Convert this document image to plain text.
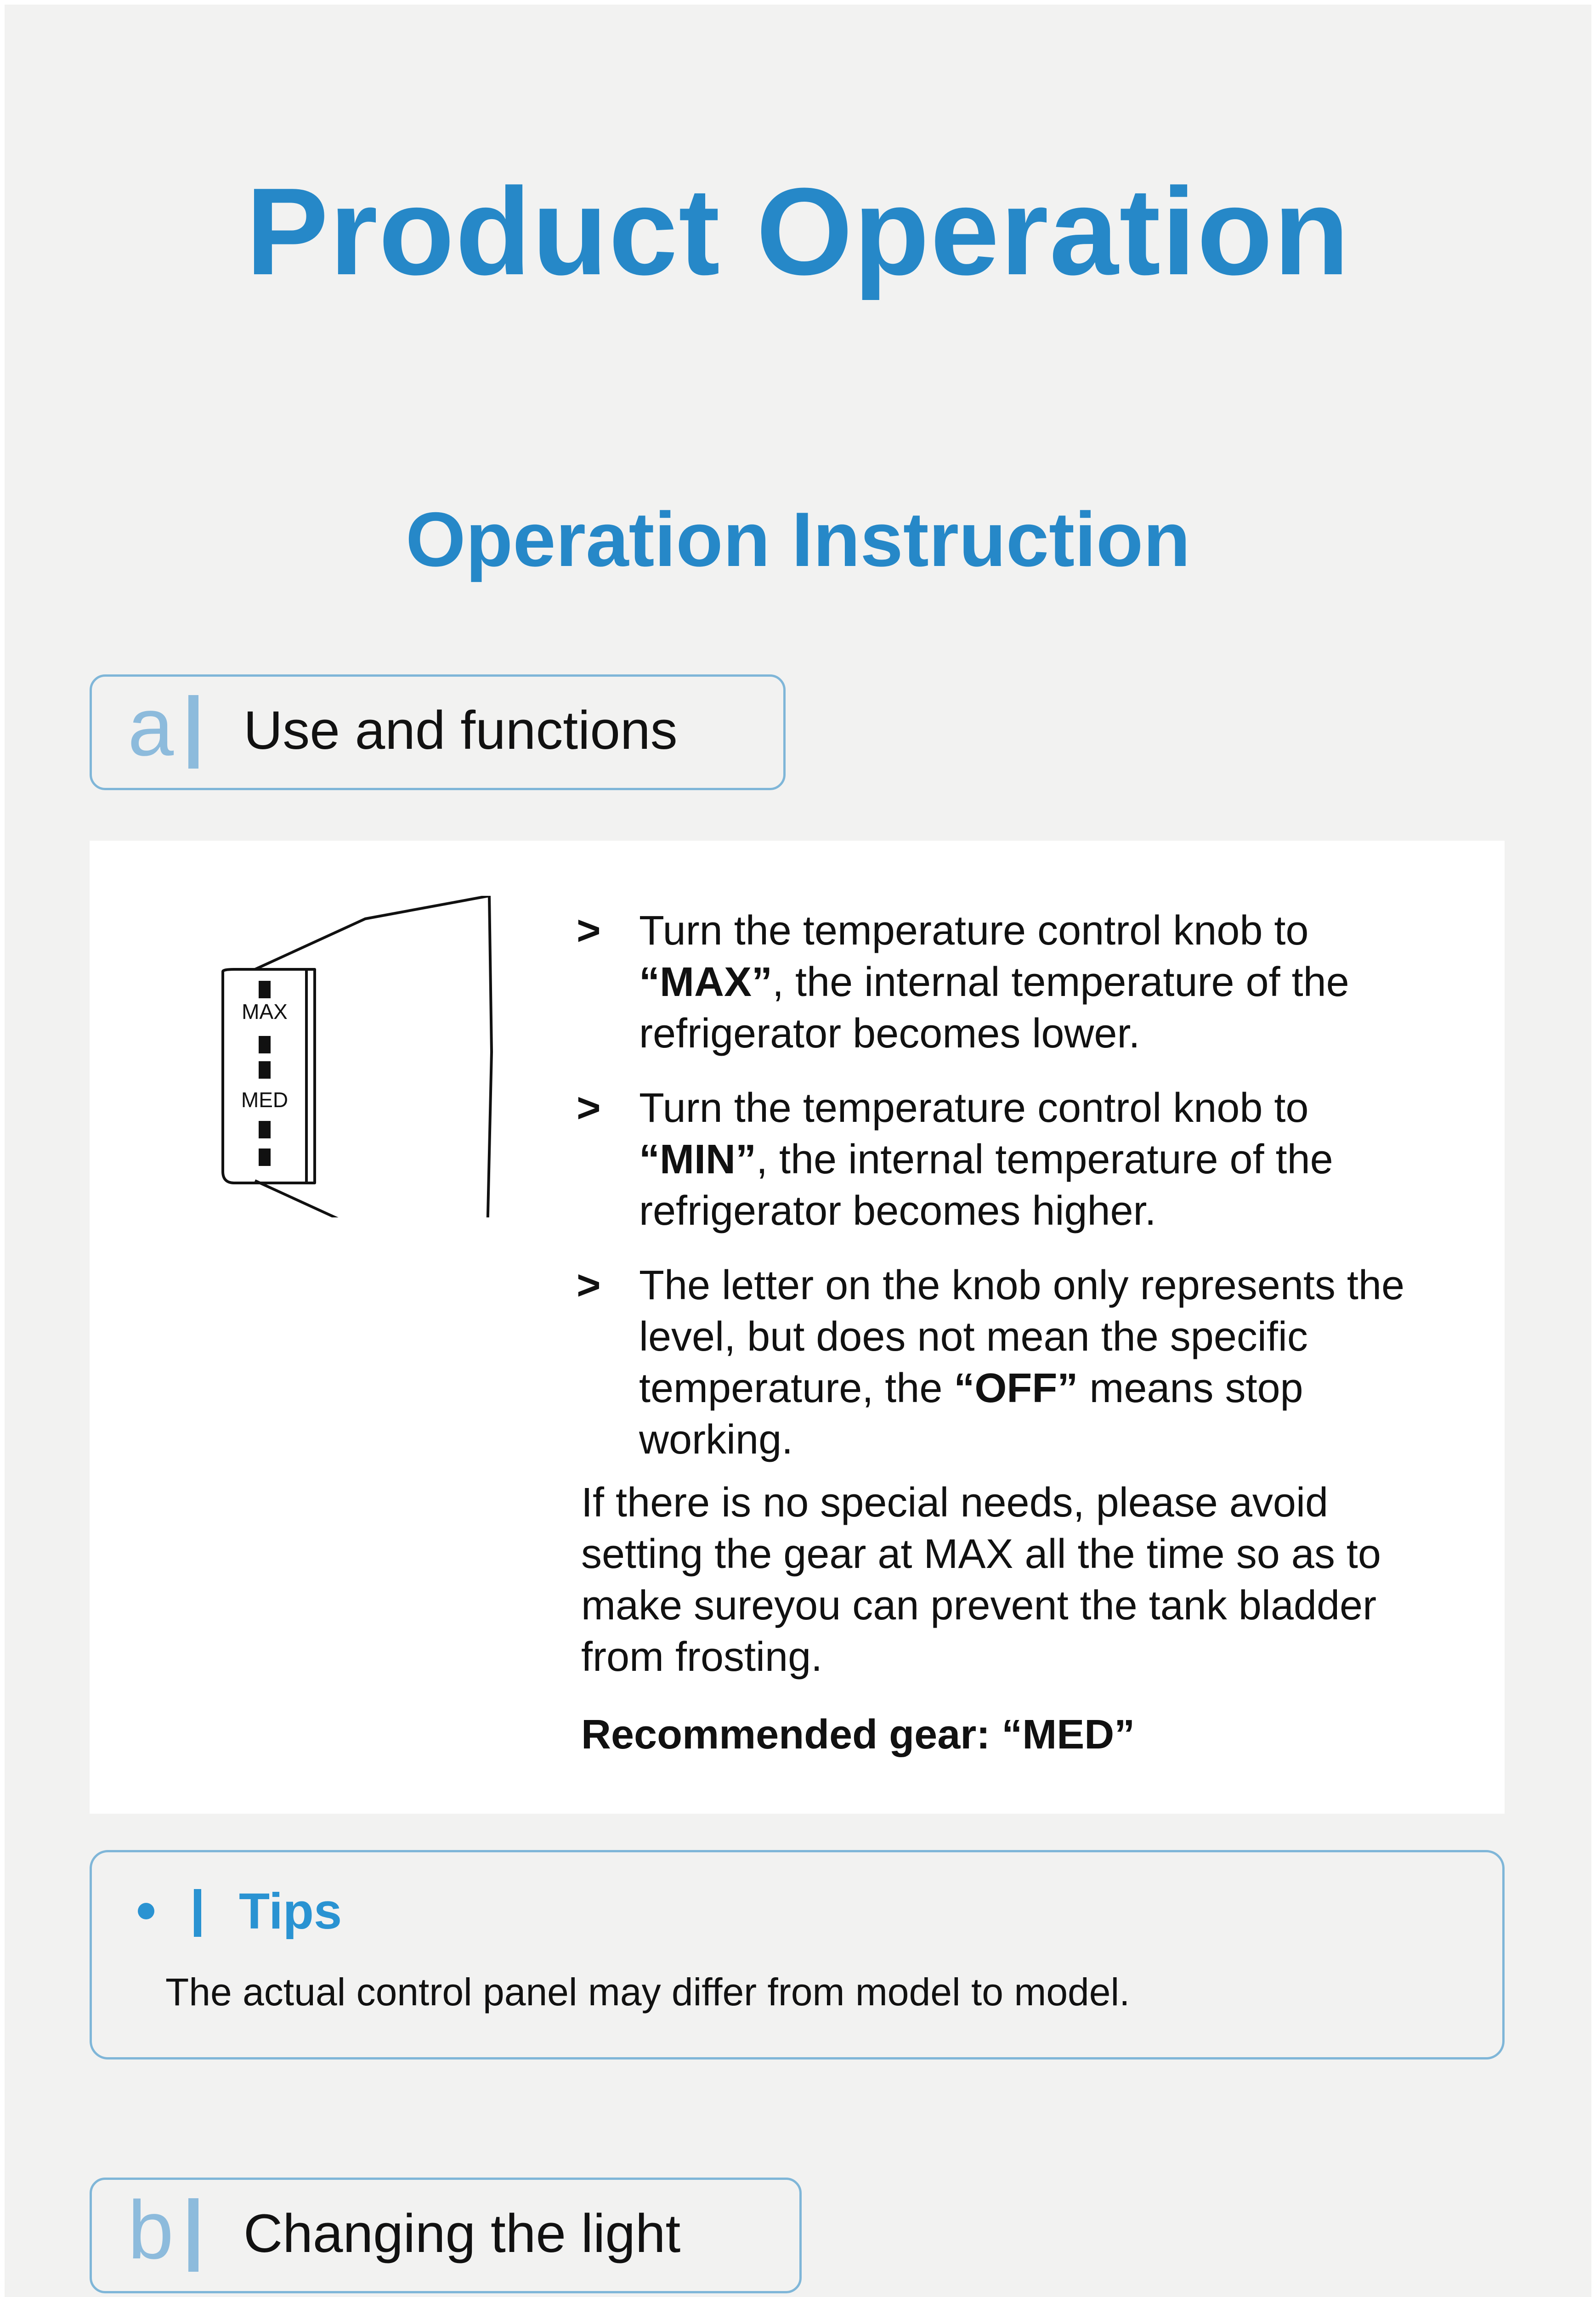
Product Operation
Operation Instruction
a Use and functions
MAX
MED
> Turn the temperature control knob to “MAX”, the internal temperature of the refrigerator becomes lower.
> Turn the temperature control knob to “MIN”, the internal temperature of the refrigerator becomes higher.
> The letter on the knob only represents the level, but does not mean the specific temperature, the “OFF” means stop working.
If there is no special needs, please avoid setting the gear at MAX all the time so as to make sureyou can prevent the tank bladder from frosting.
Recommended gear: “MED”
Tips
The actual control panel may differ from model to model.
b Changing the light
